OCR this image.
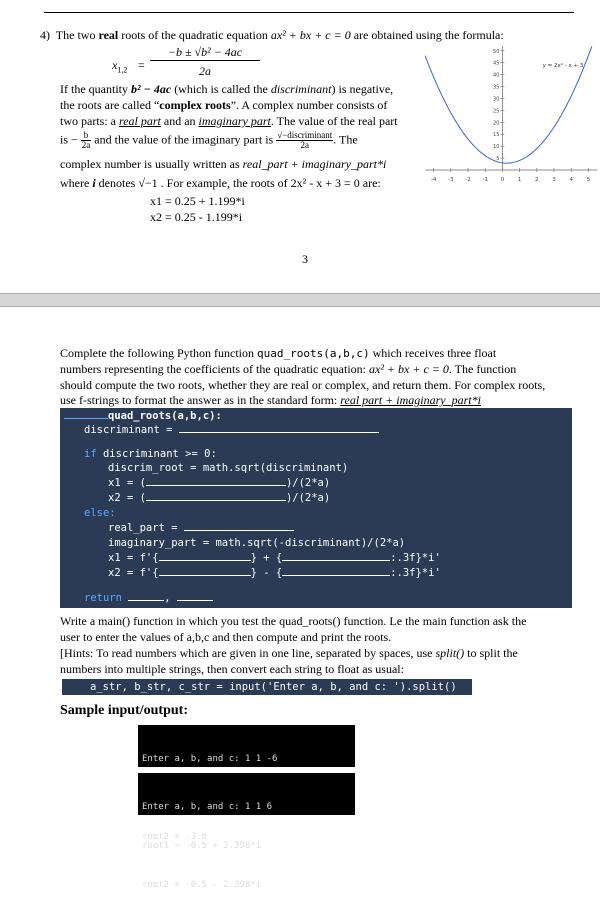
4) The two real roots of the quadratic equation ax² + bx + c = 0 are obtained using the formula:
$x_{1,2}$ =
−b ± √b² − 4ac
2a
If the quantity b² − 4ac (which is called the discriminant) is negative,
the roots are called “complex roots”. A complex number consists of
two parts: a real part and an imaginary part. The value of the real part
is − $\frac{b}{2a}$ and the value of the imaginary part is $\frac{\text{√−discriminant}}{2a}$ . The
complex number is usually written as real_part + imaginary_part*i
where i denotes √−1 . For example, the roots of 2x² - x + 3 = 0 are:
x1 = 0.25 + 1.199*i
x2 = 0.25 - 1.199*i
-4 -3 -2 -1 0 1 2 3 4 5
5
10
15
20
25
30
35
40
45
50
y = 2x² - x + 3
3
Complete the following Python function quad_roots(a,b,c) which receives three float
numbers representing the coefficients of the quadratic equation: ax² + bx + c = 0. The function
should compute the two roots, whether they are real or complex, and return them. For complex roots,
use f-strings to format the answer as in the standard form: real part + imaginary_part*i

quad_roots(a,b,c):

discriminant =

if discriminant >= 0:

discrim_root = math.sqrt(discriminant)

x1 = (	)/(2*a)

x2 = (	)/(2*a)

else:

real_part =

imaginary_part = math.sqrt(-discriminant)/(2*a)

x1 = f'{	} + {	:.3f}*i'

x2 = f'{	} - {	:.3f}*i'

return	,

Write a main() function in which you test the quad_roots() function. Le the main function ask the
user to enter the values of a,b,c and then compute and print the roots.
[Hints: To read numbers which are given in one line, separated by spaces, use split() to split the
numbers into multiple strings, then convert each string to float as usual:
a_str, b_str, c_str = input('Enter a, b, and c: ').split()
Sample input/output:

Enter a, b, and c: 1 1 -6

root2 = -3.0

Enter a, b, and c: 1 1 6

root1 = -0.5 + 2.398*i

root2 = -0.5 - 2.398*i
